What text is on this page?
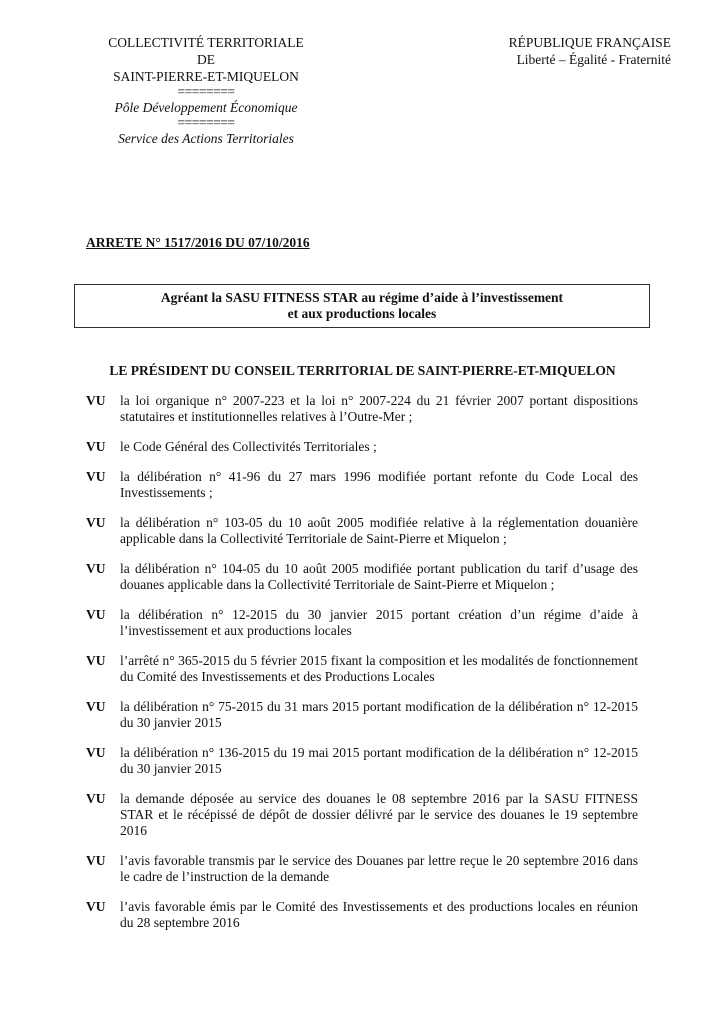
COLLECTIVITÉ TERRITORIALE
DE
SAINT-PIERRE-ET-MIQUELON
========
Pôle Développement Économique
========
Service des Actions Territoriales
RÉPUBLIQUE FRANÇAISE
Liberté – Égalité - Fraternité
ARRETE N° 1517/2016 DU 07/10/2016
Agréant la SASU FITNESS STAR au régime d’aide à l’investissement
et aux productions locales
LE PRÉSIDENT DU CONSEIL TERRITORIAL DE SAINT-PIERRE-ET-MIQUELON
VU	la loi organique n° 2007-223 et la loi n° 2007-224 du 21 février 2007 portant dispositions statutaires et institutionnelles relatives à l’Outre-Mer ;
VU	le Code Général des Collectivités Territoriales ;
VU	la délibération n° 41-96 du 27 mars 1996 modifiée portant refonte du Code Local des Investissements ;
VU	la délibération n° 103-05 du 10 août 2005 modifiée relative à la réglementation douanière applicable dans la Collectivité Territoriale de Saint-Pierre et Miquelon ;
VU	la délibération n° 104-05 du 10 août 2005 modifiée portant publication du tarif d’usage des douanes applicable dans la Collectivité Territoriale de Saint-Pierre et Miquelon ;
VU	la délibération n° 12-2015 du 30 janvier 2015 portant création d’un régime d’aide à l’investissement et aux productions locales
VU	l’arrêté n° 365-2015 du 5 février 2015 fixant la composition et les modalités de fonctionnement du Comité des Investissements et des Productions Locales
VU	la délibération n° 75-2015 du 31 mars 2015 portant modification de la délibération n° 12-2015 du 30 janvier 2015
VU	la délibération n° 136-2015 du 19 mai 2015 portant modification de la délibération n° 12-2015 du 30 janvier 2015
VU	la demande déposée au service des douanes le 08 septembre 2016 par la SASU FITNESS STAR et le récépissé de dépôt de dossier délivré par le service des douanes le 19 septembre 2016
VU	l’avis favorable transmis par le service des Douanes par lettre reçue le 20 septembre 2016 dans le cadre de l’instruction de la demande
VU	l’avis favorable émis par le Comité des Investissements et des productions locales en réunion du 28 septembre 2016
